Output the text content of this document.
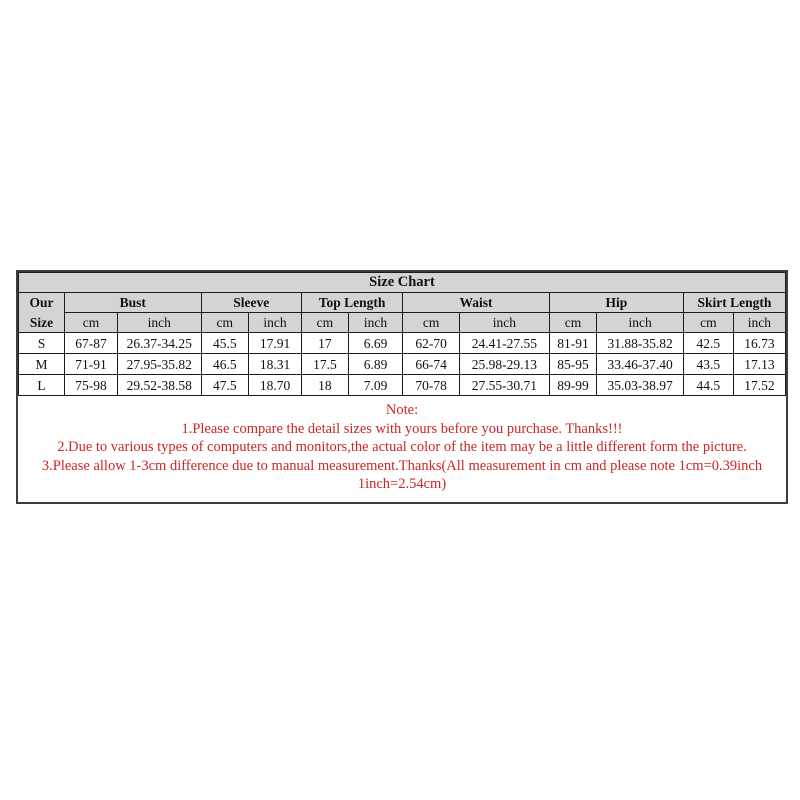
Size Chart												

Our
Size	Bust		Sleeve		Top Length		Waist		Hip		Skirt Length	
	cm	inch	cm	inch	cm	inch	cm	inch	cm	inch	cm	inch
S	67-87	26.37-34.25	45.5	17.91	17	6.69	62-70	24.41-27.55	81-91	31.88-35.82	42.5	16.73
M	71-91	27.95-35.82	46.5	18.31	17.5	6.89	66-74	25.98-29.13	85-95	33.46-37.40	43.5	17.13
L	75-98	29.52-38.58	47.5	18.70	18	7.09	70-78	27.55-30.71	89-99	35.03-38.97	44.5	17.52
Note:
1.Please compare the detail sizes with yours before you purchase. Thanks!!!
2.Due to various types of computers and monitors,the actual color of the item may be a little different form the picture.
3.Please allow 1-3cm difference due to manual measurement.Thanks(All measurement in cm and please note 1cm=0.39inch
1inch=2.54cm)
